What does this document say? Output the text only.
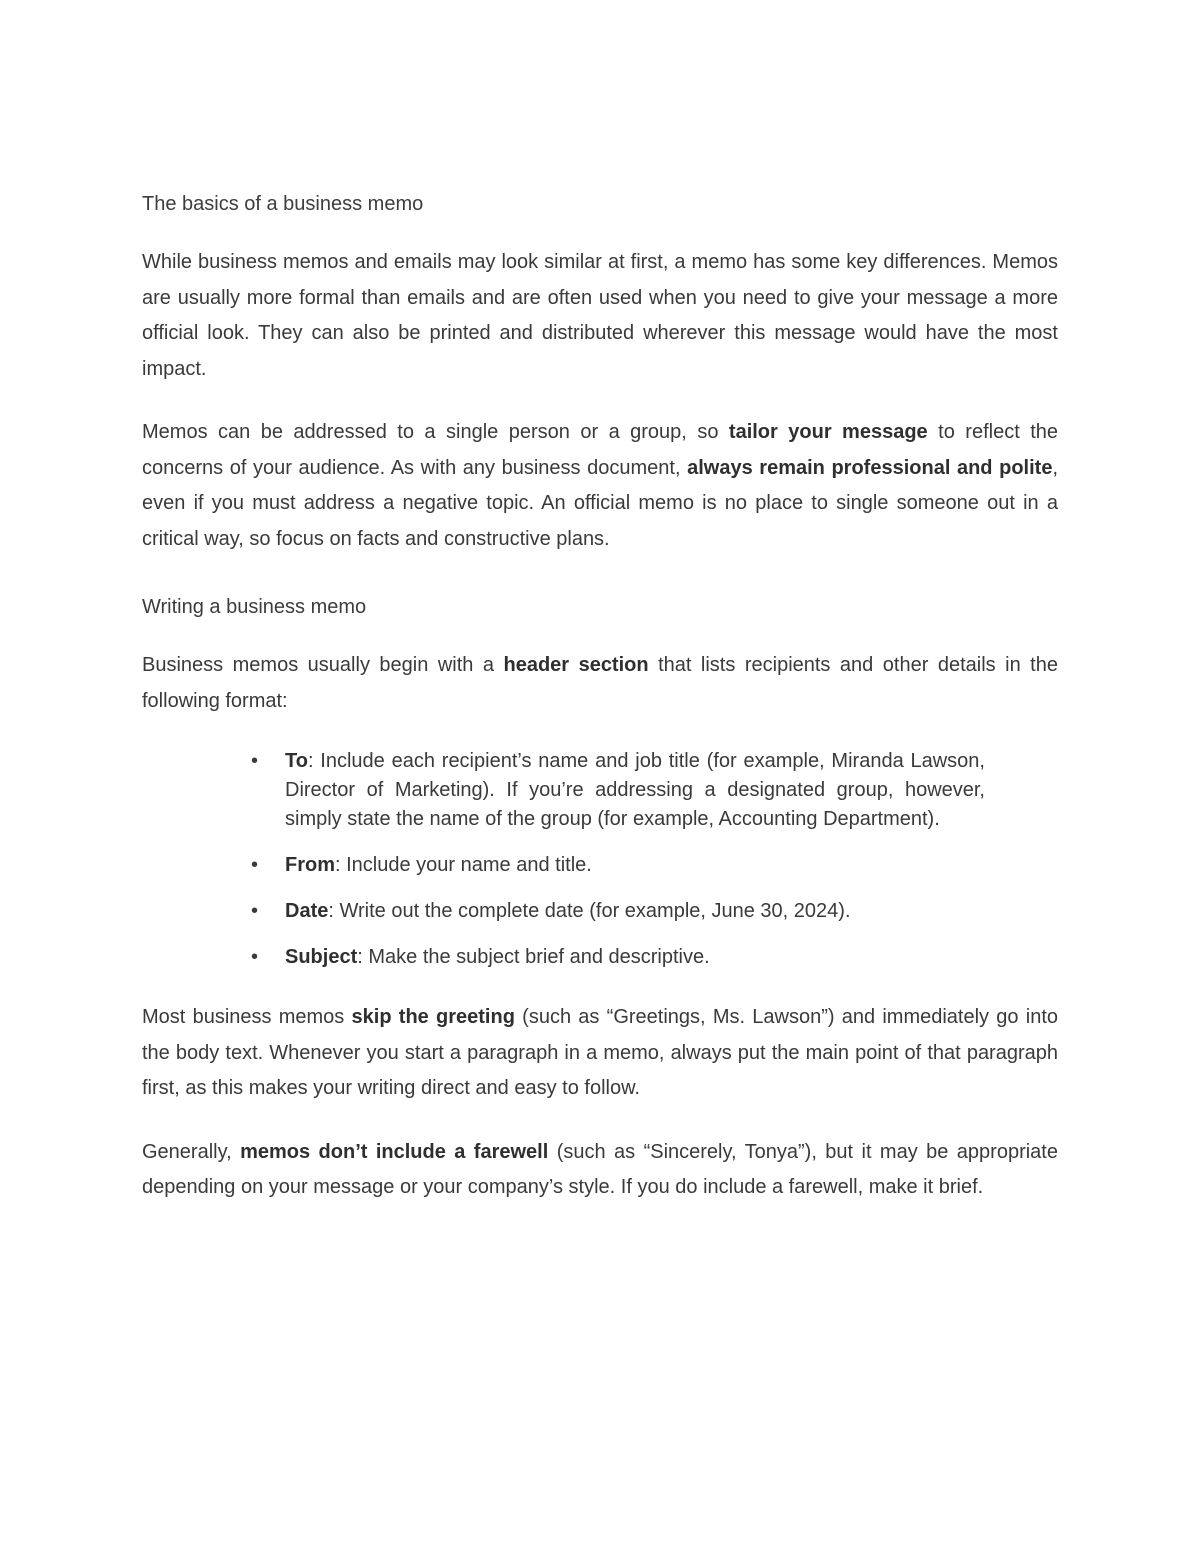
The basics of a business memo

While business memos and emails may look similar at first, a memo has some key differences. Memos are usually more formal than emails and are often used when you need to give your message a more official look. They can also be printed and distributed wherever this message would have the most impact.

Memos can be addressed to a single person or a group, so tailor your message to reflect the concerns of your audience. As with any business document, always remain professional and polite, even if you must address a negative topic. An official memo is no place to single someone out in a critical way, so focus on facts and constructive plans.

Writing a business memo

Business memos usually begin with a header section that lists recipients and other details in the following format:

• To: Include each recipient’s name and job title (for example, Miranda Lawson, Director of Marketing). If you’re addressing a designated group, however, simply state the name of the group (for example, Accounting Department).
• From: Include your name and title.
• Date: Write out the complete date (for example, June 30, 2024).
• Subject: Make the subject brief and descriptive.

Most business memos skip the greeting (such as “Greetings, Ms. Lawson”) and immediately go into the body text. Whenever you start a paragraph in a memo, always put the main point of that paragraph first, as this makes your writing direct and easy to follow.

Generally, memos don’t include a farewell (such as “Sincerely, Tonya”), but it may be appropriate depending on your message or your company’s style. If you do include a farewell, make it brief.
